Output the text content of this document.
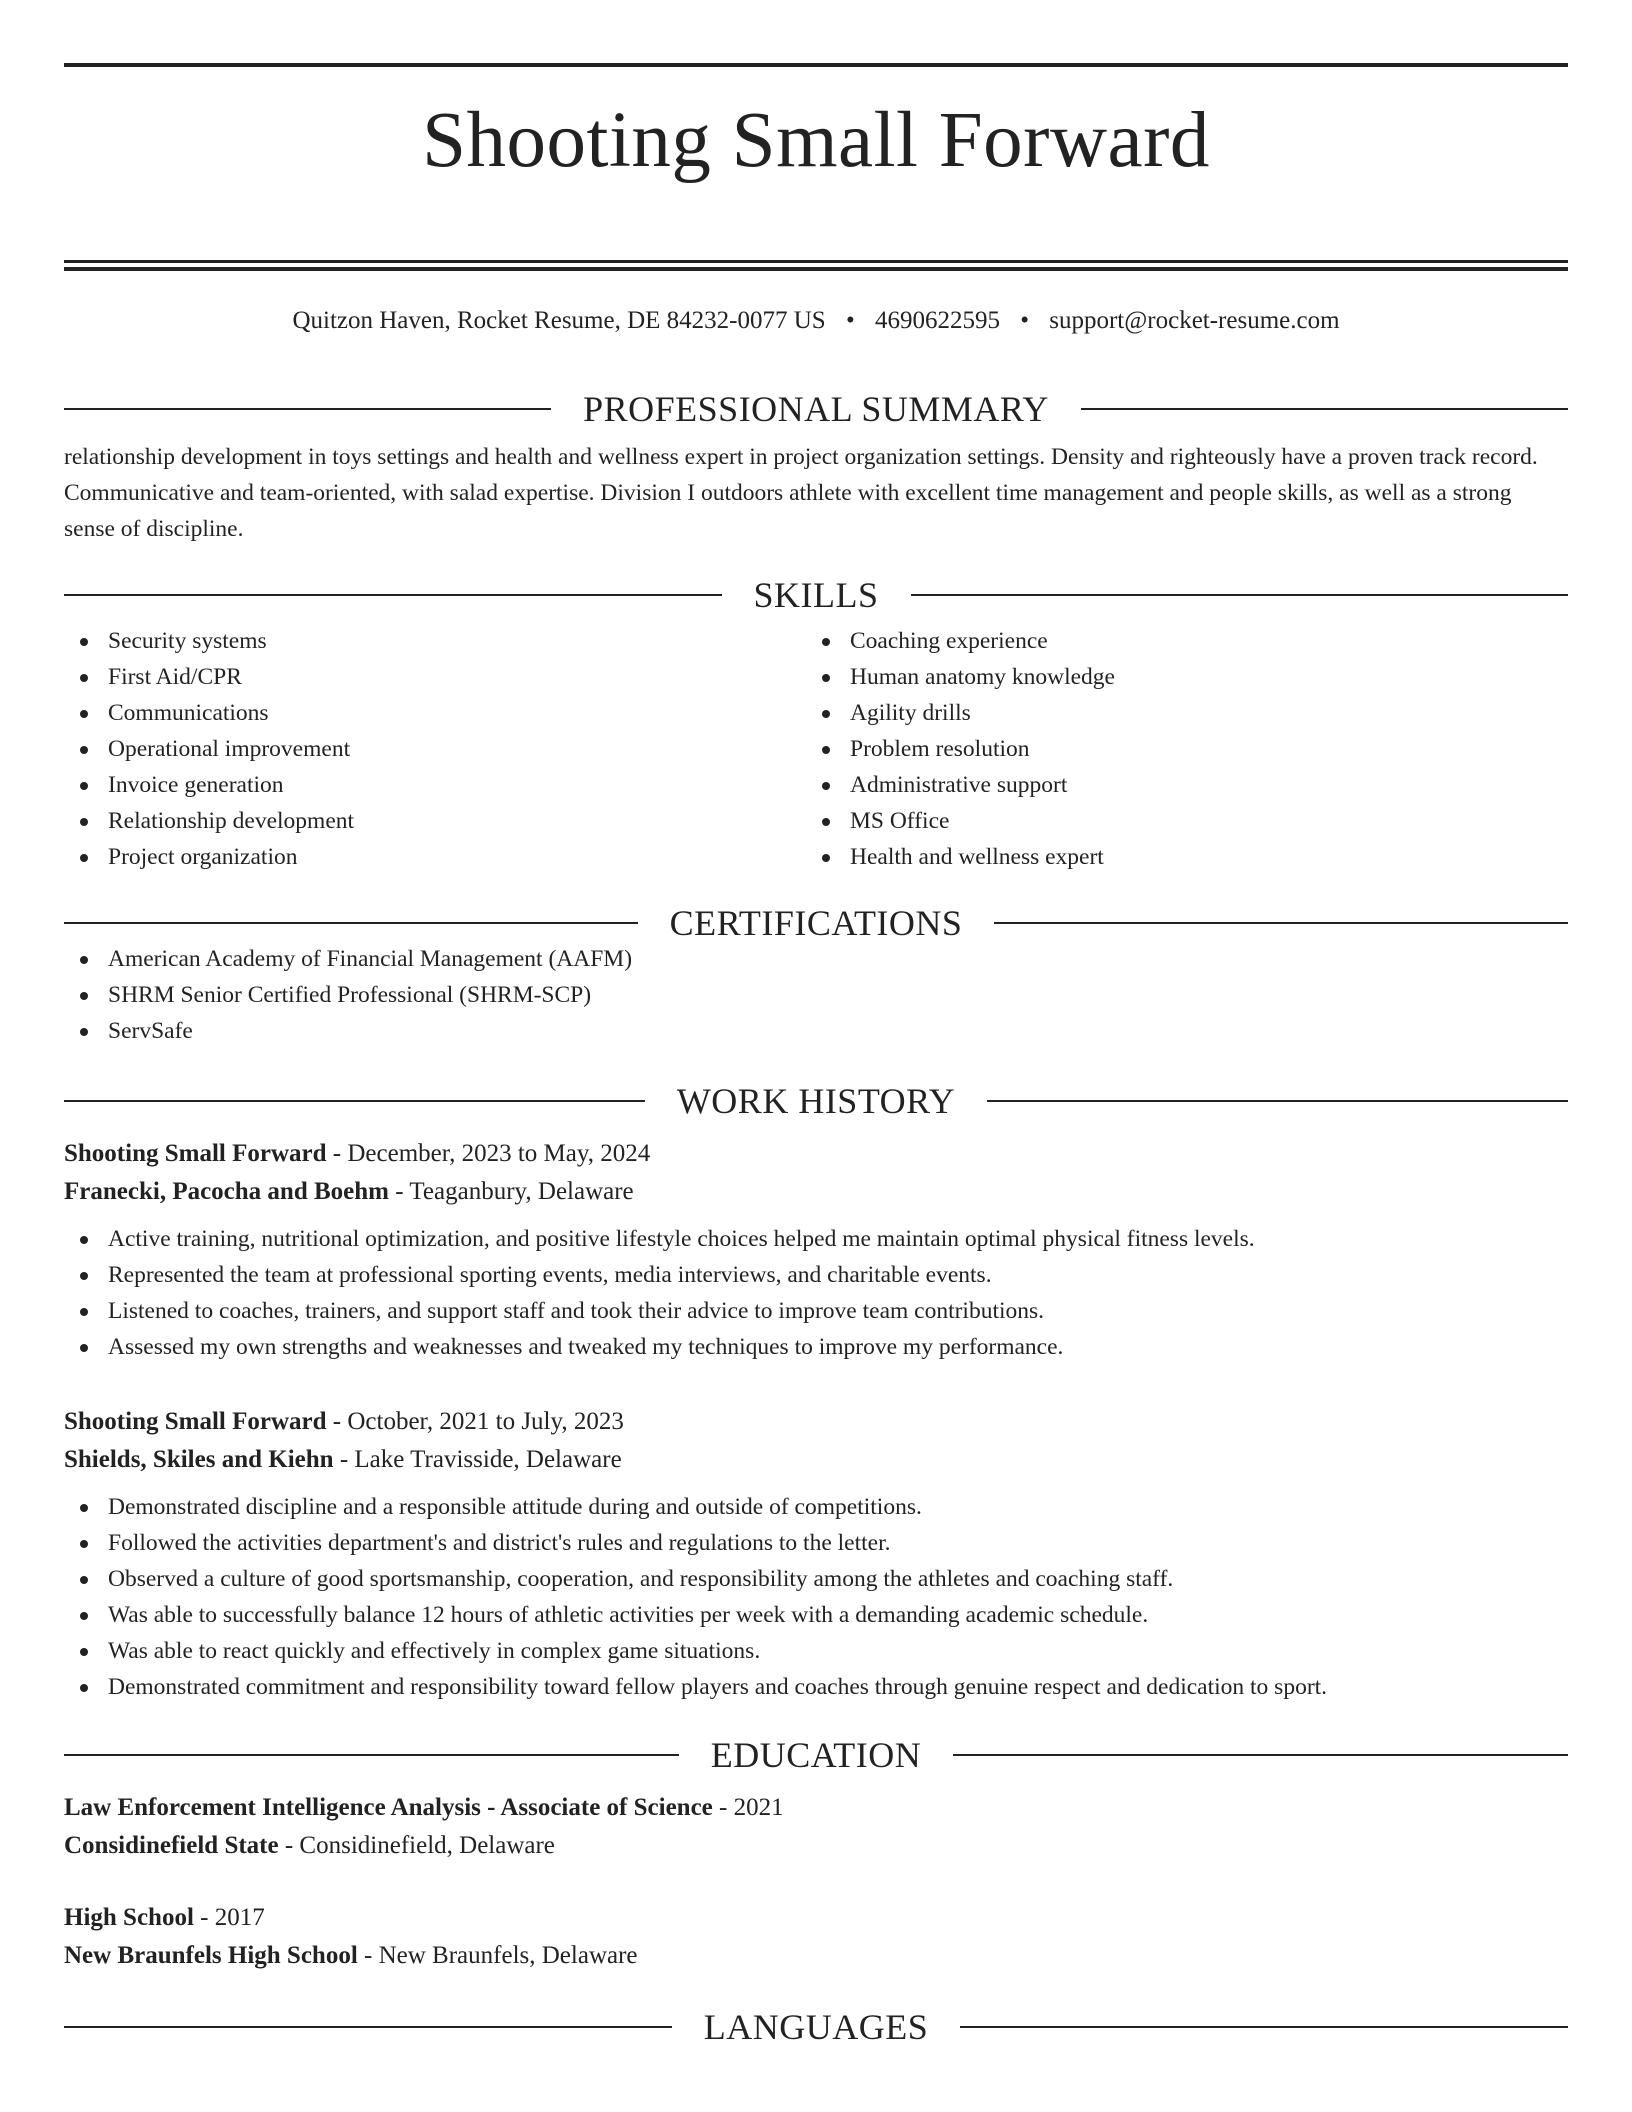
Shooting Small Forward
Quitzon Haven, Rocket Resume, DE 84232-0077 US • 4690622595 • support@rocket-resume.com
PROFESSIONAL SUMMARY

relationship development in toys settings and health and wellness expert in project organization settings. Density and righteously have a proven track record. Communicative and team-oriented, with salad expertise. Division I outdoors athlete with excellent time management and people skills, as well as a strong sense of discipline.

SKILLS
Security systems
First Aid/CPR
Communications
Operational improvement
Invoice generation
Relationship development
Project organization
Coaching experience
Human anatomy knowledge
Agility drills
Problem resolution
Administrative support
MS Office
Health and wellness expert
CERTIFICATIONS
American Academy of Financial Management (AAFM)
SHRM Senior Certified Professional (SHRM-SCP)
ServSafe
WORK HISTORY
Shooting Small Forward - December, 2023 to May, 2024
Franecki, Pacocha and Boehm - Teaganbury, Delaware
Active training, nutritional optimization, and positive lifestyle choices helped me maintain optimal physical fitness levels.
Represented the team at professional sporting events, media interviews, and charitable events.
Listened to coaches, trainers, and support staff and took their advice to improve team contributions.
Assessed my own strengths and weaknesses and tweaked my techniques to improve my performance.
Shooting Small Forward - October, 2021 to July, 2023
Shields, Skiles and Kiehn - Lake Travisside, Delaware
Demonstrated discipline and a responsible attitude during and outside of competitions.
Followed the activities department's and district's rules and regulations to the letter.
Observed a culture of good sportsmanship, cooperation, and responsibility among the athletes and coaching staff.
Was able to successfully balance 12 hours of athletic activities per week with a demanding academic schedule.
Was able to react quickly and effectively in complex game situations.
Demonstrated commitment and responsibility toward fellow players and coaches through genuine respect and dedication to sport.
EDUCATION
Law Enforcement Intelligence Analysis - Associate of Science - 2021
Considinefield State - Considinefield, Delaware
High School - 2017
New Braunfels High School - New Braunfels, Delaware
LANGUAGES
